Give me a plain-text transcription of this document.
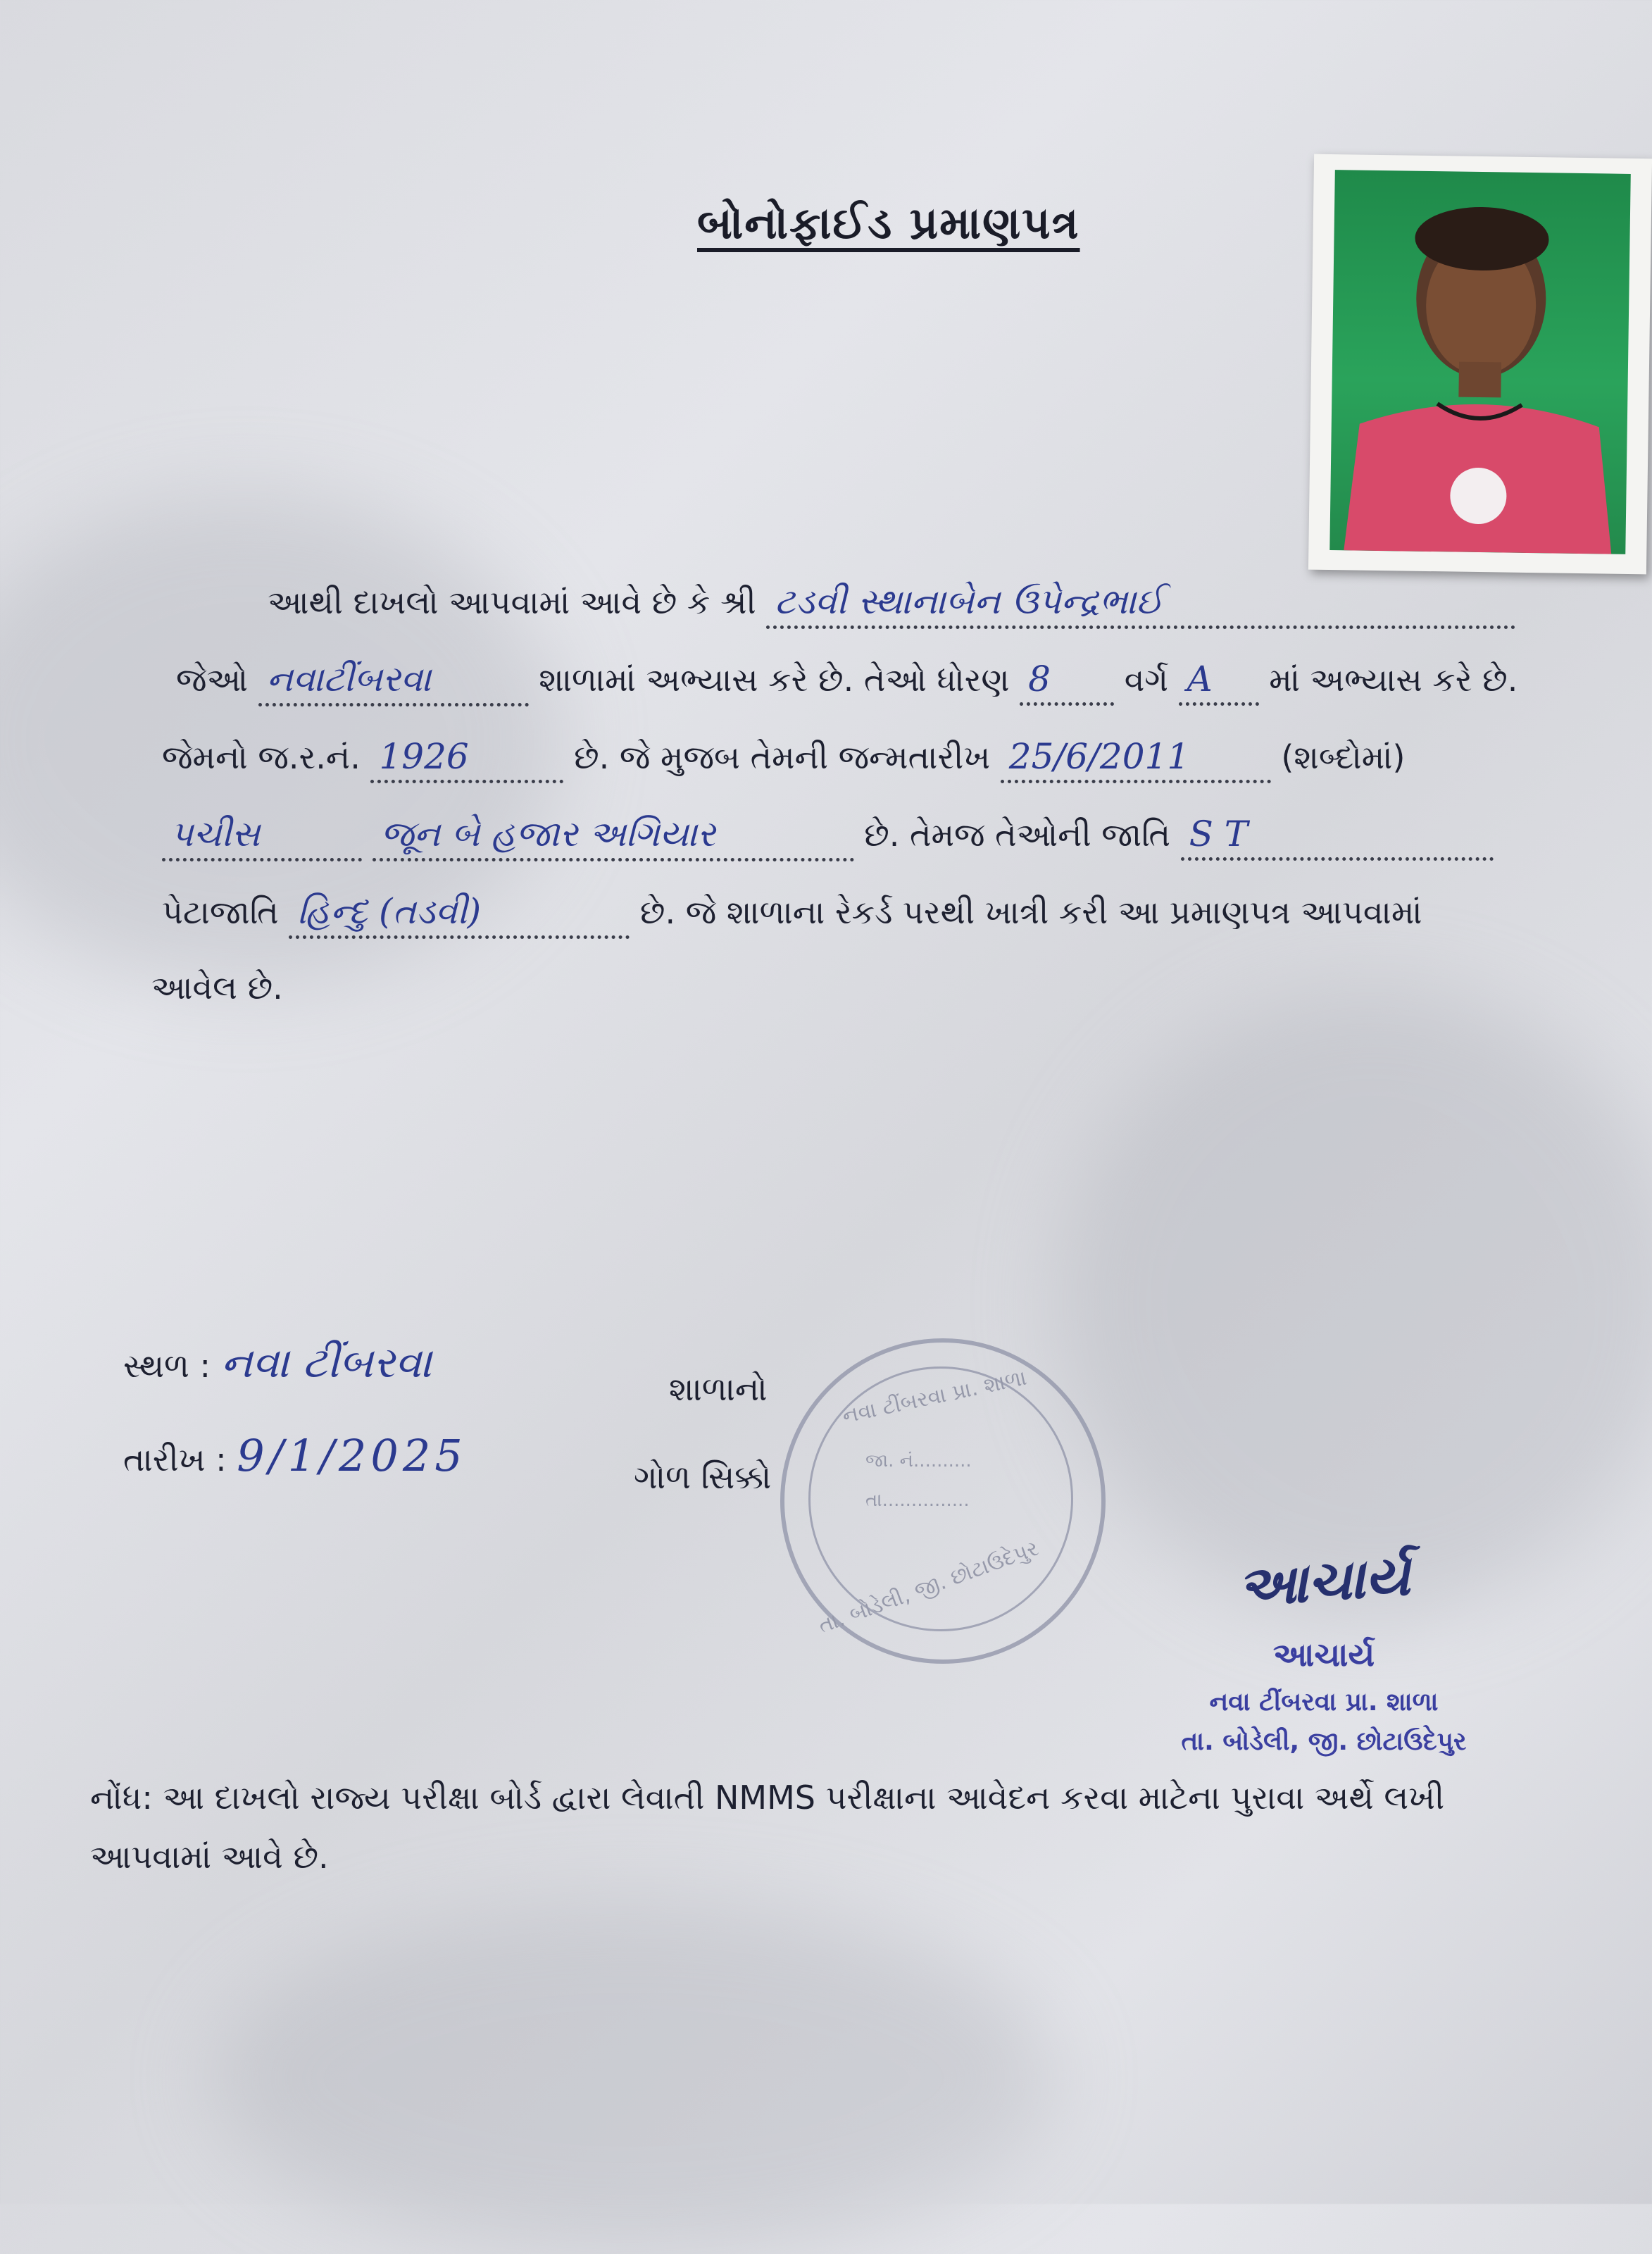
બોનોફાઈડ પ્રમાણપત્ર
આથી દાખલો આપવામાં આવે છે કે શ્રી ટડવી સ્થાનાબેન ઉપેન્દ્રભાઈ
જેઓ નવાટીંબરવા	શાળામાં અભ્યાસ કરે છે. તેઓ ધોરણ 8 વર્ગ A માં અભ્યાસ કરે છે.
જેમનો જ.ર.નં. 1926	છે. જે મુજબ તેમની જન્મતારીખ 25/6/2011	(શબ્દોમાં)
પચીસ	જૂન બે હજાર અગિયાર	છે. તેમજ તેઓની જાતિ S T
પેટાજાતિ હિન્દુ (તડવી)	છે. જે શાળાના રેકર્ડ પરથી ખાત્રી કરી આ પ્રમાણપત્ર આપવામાં
આવેલ છે.
સ્થળ : નવા ટીંબરવા
તારીખ : 9/1/2025
શાળાનો
ગોળ સિક્કો
નવા ટીંબરવા પ્રા. શાળા
તા. બોડેલી, જી. છોટાઉદેપુર
જા. નં..........
તા...............
આચાર્ય
આચાર્ય
નવા ટીંબરવા પ્રા. શાળા
તા. બોડેલી, જી. છોટાઉદેપુર
નોંધ: આ દાખલો રાજ્ય પરીક્ષા બોર્ડ દ્વારા લેવાતી NMMS પરીક્ષાના આવેદન કરવા માટેના પુરાવા અર્થે લખી આપવામાં આવે છે.
